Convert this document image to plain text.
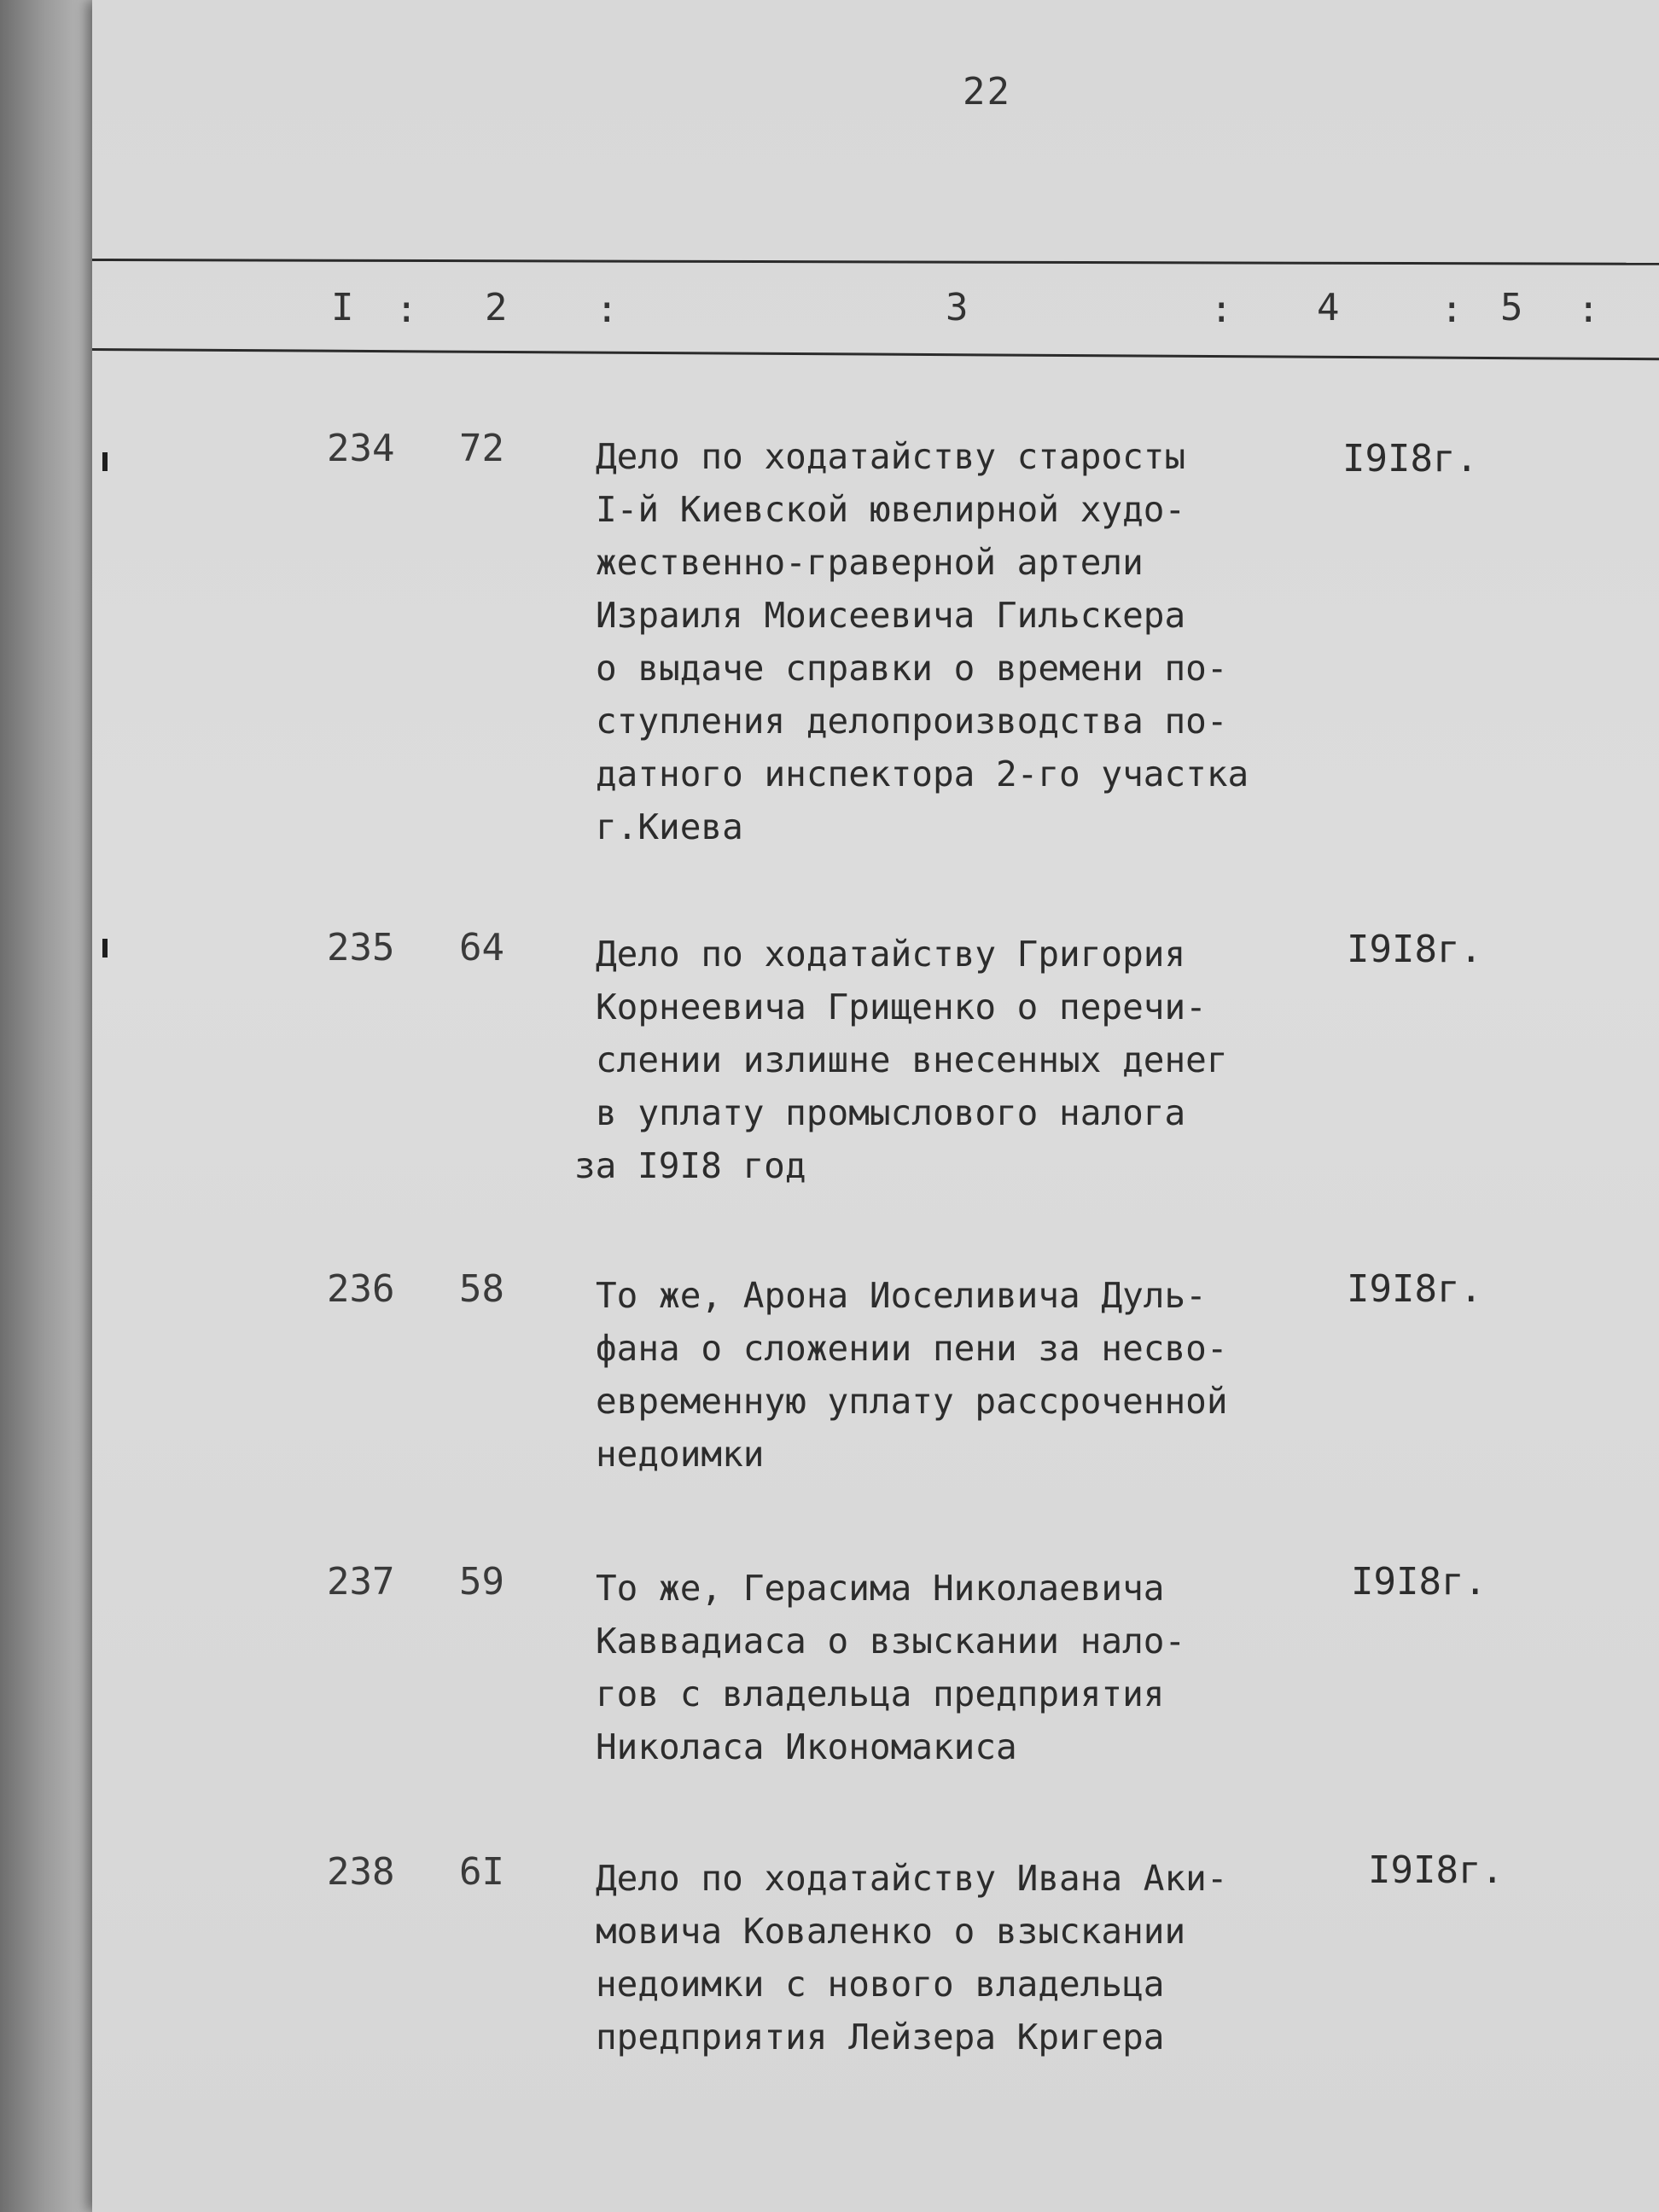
22
I : 2 :	3	: 4	: 5 :
234 72	Дело по ходатайству старосты
I-й Киевской ювелирной худо-
жественно-граверной артели
Израиля Моисеевича Гильскера
о выдаче справки о времени по-
ступления делопроизводства по-
датного инспектора 2-го участка
г.Киева
I9I8г.
235 64	Дело по ходатайству Григория
Корнеевича Грищенко о перечи-
слении излишне внесенных денег
в уплату промыслового налога
за I9I8 год
I9I8г.
236 58	То же, Арона Иоселивича Дуль-
фана о сложении пени за несво-
евременную уплату рассроченной
недоимки
I9I8г.
237 59	То же, Герасима Николаевича
Каввадиаса о взыскании нало-
гов с владельца предприятия
Николаса Икономакиса
I9I8г.
238 6I	Дело по ходатайству Ивана Аки-
мовича Коваленко о взыскании
недоимки с нового владельца
предприятия Лейзера Кригера
I9I8г.
